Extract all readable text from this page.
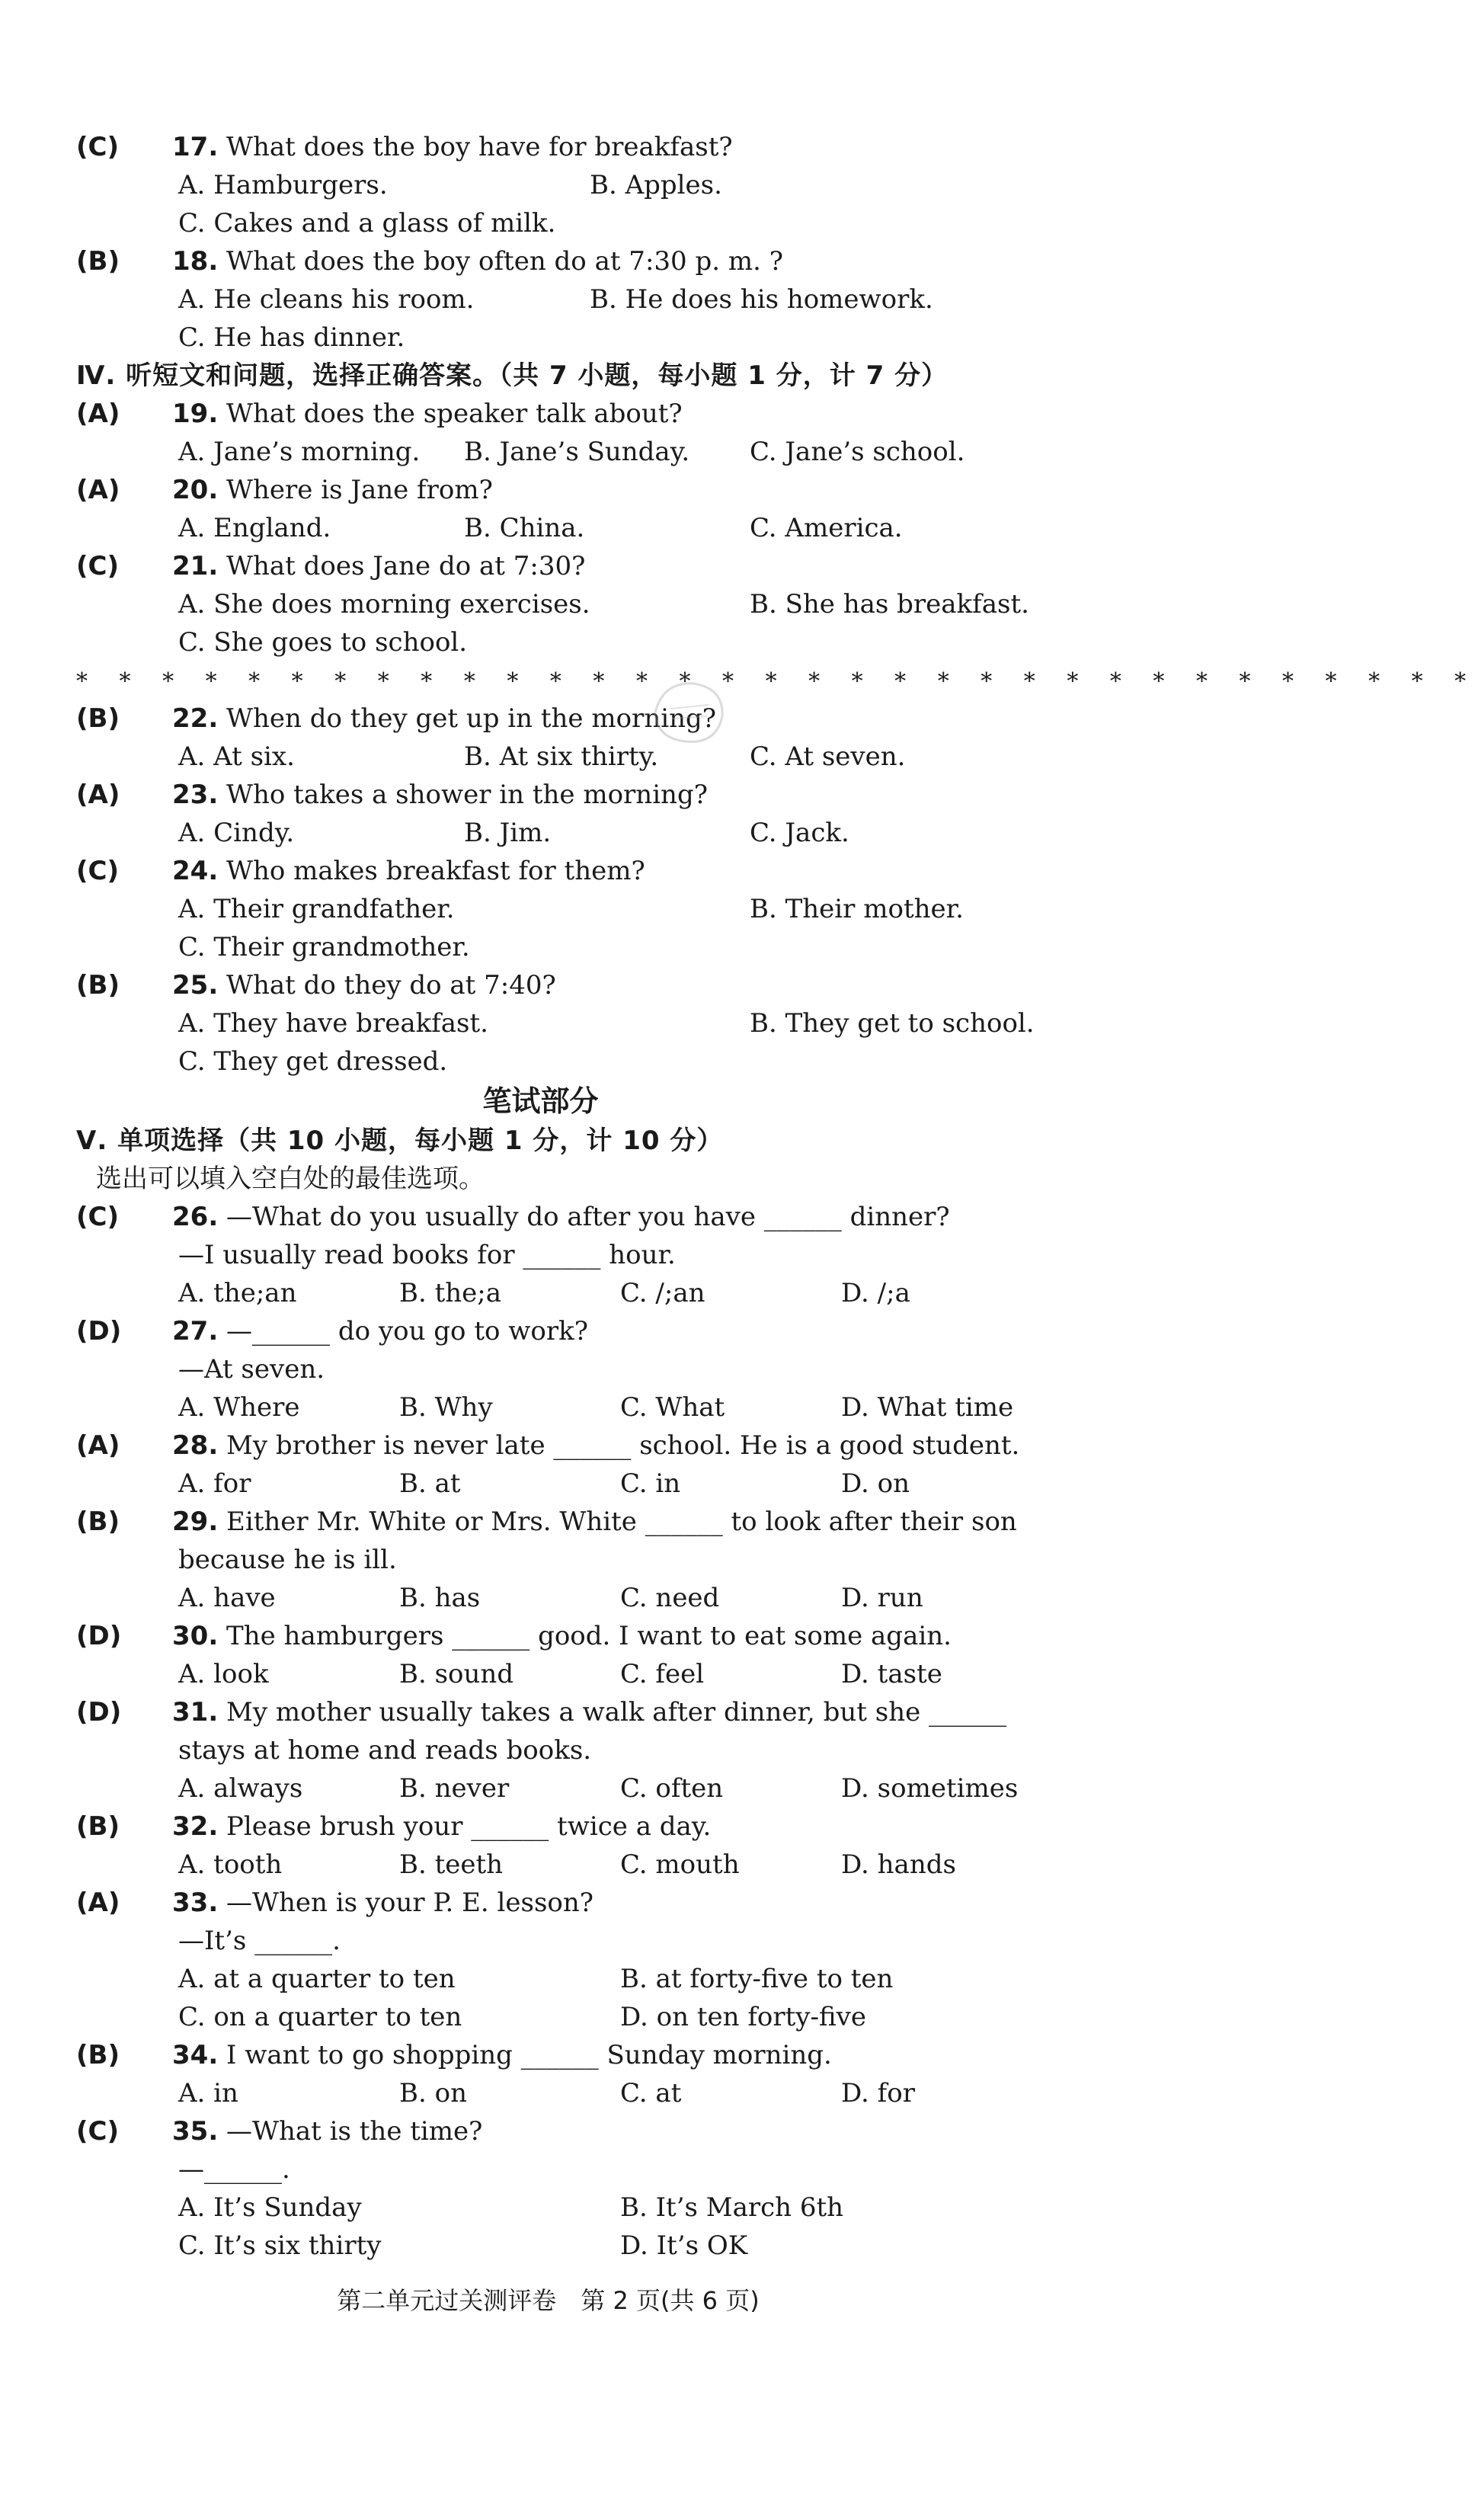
(C) 17. What does the boy have for breakfast?
A. Hamburgers.	B. Apples.
C. Cakes and a glass of milk.
(B) 18. What does the boy often do at 7:30 p. m. ?
A. He cleans his room.	B. He does his homework.
C. He has dinner.
Ⅳ. 听短文和问题，选择正确答案。（共 7 小题，每小题 1 分，计 7 分）
(A) 19. What does the speaker talk about?
A. Jane’s morning.	B. Jane’s Sunday.	C. Jane’s school.
(A) 20. Where is Jane from?
A. England.	B. China.	C. America.
(C) 21. What does Jane do at 7:30?
A. She does morning exercises.	B. She has breakfast.
C. She goes to school.
* * * * * * * * * * * * * * * * * * * * * * * * * * * * * * * * *
(B) 22. When do they get up in the morning?
A. At six.	B. At six thirty.	C. At seven.
(A) 23. Who takes a shower in the morning?
A. Cindy.	B. Jim.	C. Jack.
(C) 24. Who makes breakfast for them?
A. Their grandfather.	B. Their mother.
C. Their grandmother.
(B) 25. What do they do at 7:40?
A. They have breakfast.	B. They get to school.
C. They get dressed.
笔试部分
Ⅴ. 单项选择（共 10 小题，每小题 1 分，计 10 分）
选出可以填入空白处的最佳选项。
(C) 26. —What do you usually do after you have ______ dinner?
—I usually read books for ______ hour.
A. the;an	B. the;a	C. /;an	D. /;a
(D) 27. —______ do you go to work?
—At seven.
A. Where	B. Why	C. What	D. What time
(A) 28. My brother is never late ______ school. He is a good student.
A. for	B. at	C. in	D. on
(B) 29. Either Mr. White or Mrs. White ______ to look after their son
because he is ill.
A. have	B. has	C. need	D. run
(D) 30. The hamburgers ______ good. I want to eat some again.
A. look	B. sound	C. feel	D. taste
(D) 31. My mother usually takes a walk after dinner, but she ______
stays at home and reads books.
A. always	B. never	C. often	D. sometimes
(B) 32. Please brush your ______ twice a day.
A. tooth	B. teeth	C. mouth	D. hands
(A) 33. —When is your P. E. lesson?
—It’s ______.
A. at a quarter to ten	B. at forty-five to ten
C. on a quarter to ten	D. on ten forty-five
(B) 34. I want to go shopping ______ Sunday morning.
A. in	B. on	C. at	D. for
(C) 35. —What is the time?
—______.
A. It’s Sunday	B. It’s March 6th
C. It’s six thirty	D. It’s OK
第二单元过关测评卷　第 2 页(共 6 页)
